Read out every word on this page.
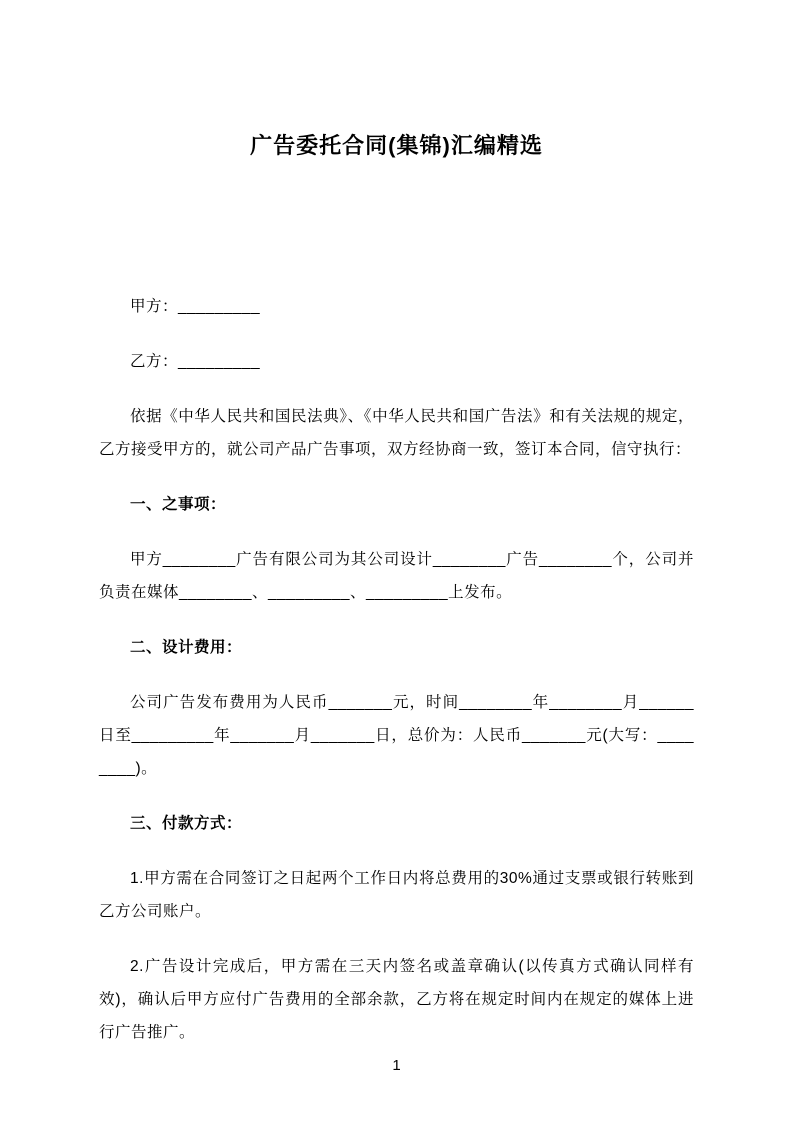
广告委托合同(集锦)汇编精选

甲方：_________

乙方：_________

依据《中华人民共和国民法典》、《中华人民共和国广告法》和有关法规的规定，乙方接受甲方的，就公司产品广告事项，双方经协商一致，签订本合同，信守执行：

一、之事项：

甲方________广告有限公司为其公司设计________广告________个，公司并负责在媒体________、_________、_________上发布。

二、设计费用：

公司广告发布费用为人民币_______元，时间________年________月______日至_________年_______月_______日，总价为：人民币_______元(大写：________)。

三、付款方式：

1.甲方需在合同签订之日起两个工作日内将总费用的30%通过支票或银行转账到乙方公司账户。

2.广告设计完成后，甲方需在三天内签名或盖章确认(以传真方式确认同样有效)，确认后甲方应付广告费用的全部余款，乙方将在规定时间内在规定的媒体上进行广告推广。

1
